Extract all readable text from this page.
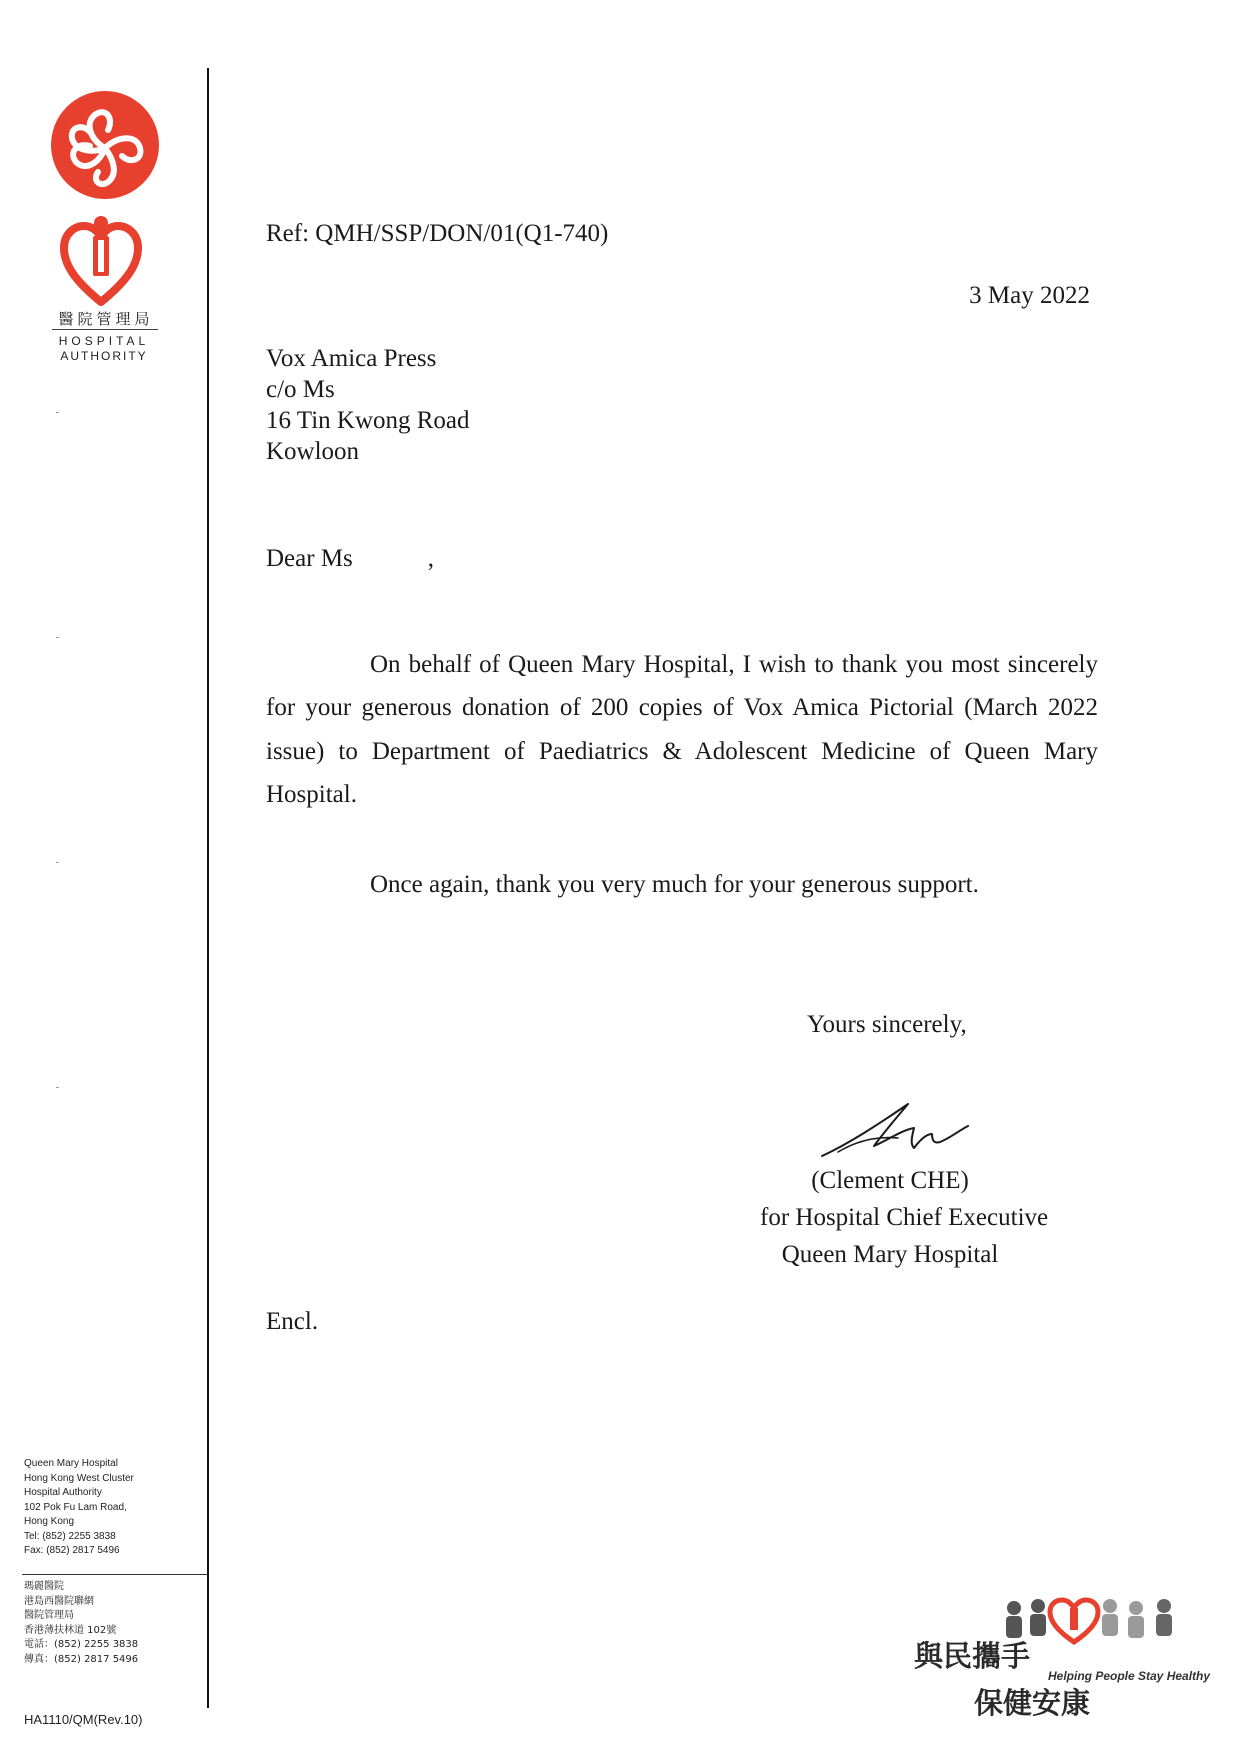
醫院管理局
HOSPITAL
AUTHORITY
Queen Mary Hospital
Hong Kong West Cluster
Hospital Authority
102 Pok Fu Lam Road,
Hong Kong
Tel: (852) 2255 3838
Fax: (852) 2817 5496
瑪麗醫院
港島西醫院聯網
醫院管理局
香港薄扶林道 102號
電話：(852) 2255 3838
傳真：(852) 2817 5496
HA1110/QM(Rev.10)
Ref: QMH/SSP/DON/01(Q1-740)
3 May 2022
Vox Amica Press
c/o Ms
16 Tin Kwong Road
Kowloon
Dear Ms            ,
On behalf of Queen Mary Hospital, I wish to thank you most sincerely for your generous donation of 200 copies of Vox Amica Pictorial (March 2022 issue) to Department of Paediatrics & Adolescent Medicine of Queen Mary Hospital.
Once again, thank you very much for your generous support.
Yours sincerely,
(Clement CHE)
for Hospital Chief Executive
Queen Mary Hospital
Encl.
與民攜手
Helping People Stay Healthy
保健安康
